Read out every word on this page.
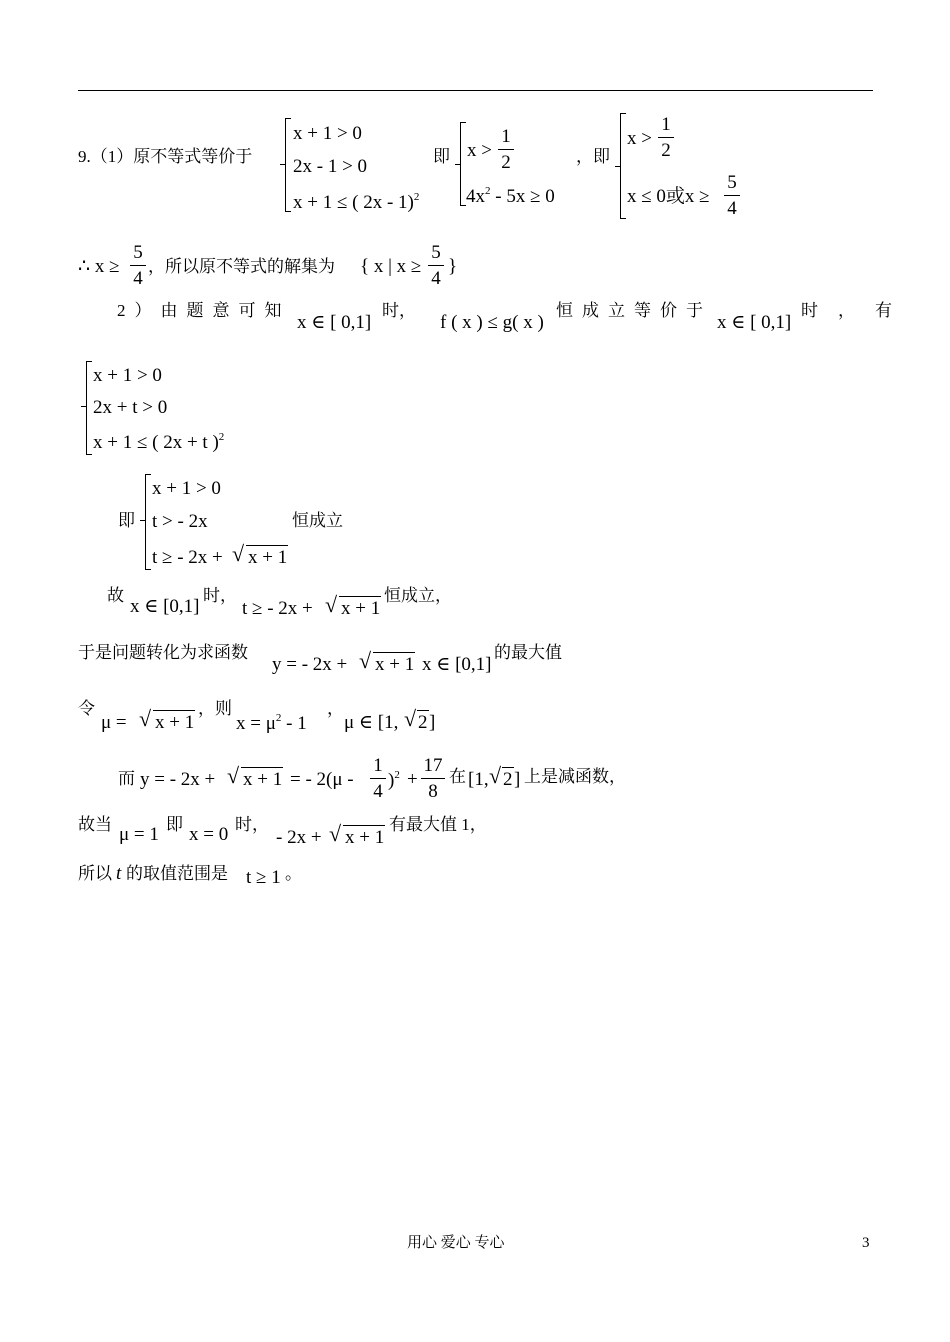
9.（1）原不等式等价于
x + 1 > 0
2x - 1 > 0
x + 1 ≤ ( 2x - 1)$^2$
即 x >
1
2
$4x^2 - 5x \ge 0$
，即
x >
1
2
x ≤ 0或x ≥
5
4
∴ x ≥
5
4
，所以原不等式的解集为 { x | x ≥
5
4
}
2）由题意可知
x ∈ [ 0,1]
时，
f ( x ) ≤ g( x )
恒成立等价于
x ∈ [ 0,1]
时，有
x + 1 > 0
2x + t > 0
x + 1 ≤ ( 2x + t )$^2$
即
x + 1 > 0
t > - 2x
t ≥ - 2x + √ x + 1
恒成立
故
x ∈ [0,1]
时，
t ≥ - 2x + √ x + 1
恒成立，
于是问题转化为求函数
y = - 2x + √ x + 1 x ∈ [0,1]
的最大值
令
μ = √ x + 1
，则
$x = \mu^2 - 1$
，
μ ∈ [1, √ 2 ]
而 y = - 2x + √ x + 1 = - 2(μ -
1
4
)$^2$ +
17
8
在 [1, √ 2 ] 上是减函数，
故当 μ = 1 即 x = 0 时，
- 2x + √ x + 1
有最大值 1，
所以 t 的取值范围是 t ≥ 1 。
用心 爱心 专心	3
